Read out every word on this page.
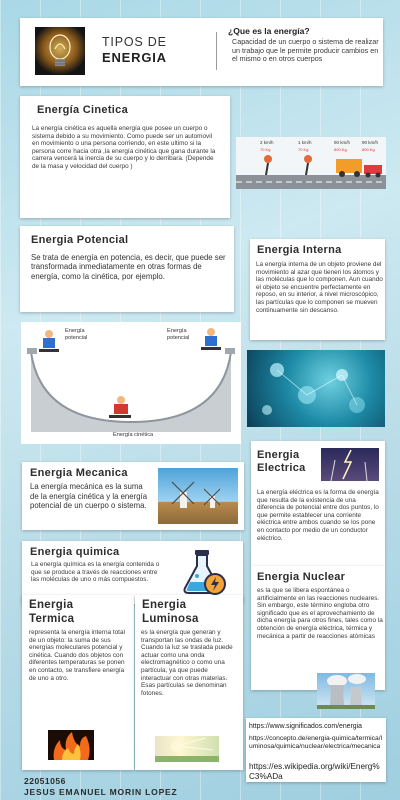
TIPOS DE
ENERGIA
¿Que es la energía?
Capacidad de un cuerpo o sistema de realizar un trabajo que le permite producir cambios en el mismo o en otros cuerpos
Energía Cinetica
La energía cinética es aquella energía que posee un cuerpo o sistema debido a su movimiento. Como puede ser un automovil en movimiento o una persona corriendo, en este ultimo si la persona corre hacia otra ,la energía cinética que gana durante la carrera vencerá la inercia de su cuerpo y lo derribara. (Depende de la masa y velocidad del cuerpo )
2 km/h	1 km/h	90 km/h	90 km/h
70 Kg	70 Kg	800 Kg	800 Kg
Energia Potencial
Se trata de energía en potencia, es decir, que puede ser transformada inmediatamente en otras formas de energía, como la cinética, por ejemplo.
Energia Interna
La energía interna de un objeto proviene del movimiento al azar que tienen los átomos y las moléculas que lo componen. Aun cuando el objeto se encuentre perfectamente en reposo, en su interior, a nivel microscópico, las partículas que lo componen se mueven continuamente sin descanso.
Energía potencial
Energía potencial
Energía cinética
Energia Mecanica
La energía mecánica es la suma de la energía cinética y la energía potencial de un cuerpo o sistema.
Energia
Electrica
La energía eléctrica es la forma de energía que resulta de la existencia de una diferencia de potencial entre dos puntos, lo que permite establecer una corriente eléctrica entre ambos cuando se los pone en contacto por medio de un conductor eléctrico.
Energia quimica
La energía química es la energía contenida o que se produce a través de reacciones entre las moléculas de uno o más compuestos.	Energia Nuclear
es la que se libera espontánea o artificialmente en las reacciones nucleares. Sin embargo, este término engloba otro significado que es el aprovechamiento de dicha energía para otros fines, tales como la obtención de energía eléctrica, térmica y mecánica a partir de reacciones atómicas
Energia
Termica
representa la energía interna total de un objeto: la suma de sus energías moleculares potencial y cinética. Cuando dos objetos con diferentes temperaturas se ponen en contacto, se transfiere energía de uno a otro.
Energia
Luminosa
es la energía que generan y transportan las ondas de luz. Cuando la luz se traslada puede actuar como una onda electromagnético o como una partícula, ya que puede interactuar con otras materias. Esas partículas se denominan fotones.
https://www.significados.com/energia
https://concepto.de/energia-quimica/termica/luminosa/quimica/nuclear/electrica/mecanica
https://es.wikipedia.org/wiki/Energ%C3%ADa
22051056
JESUS EMANUEL MORIN LOPEZ
